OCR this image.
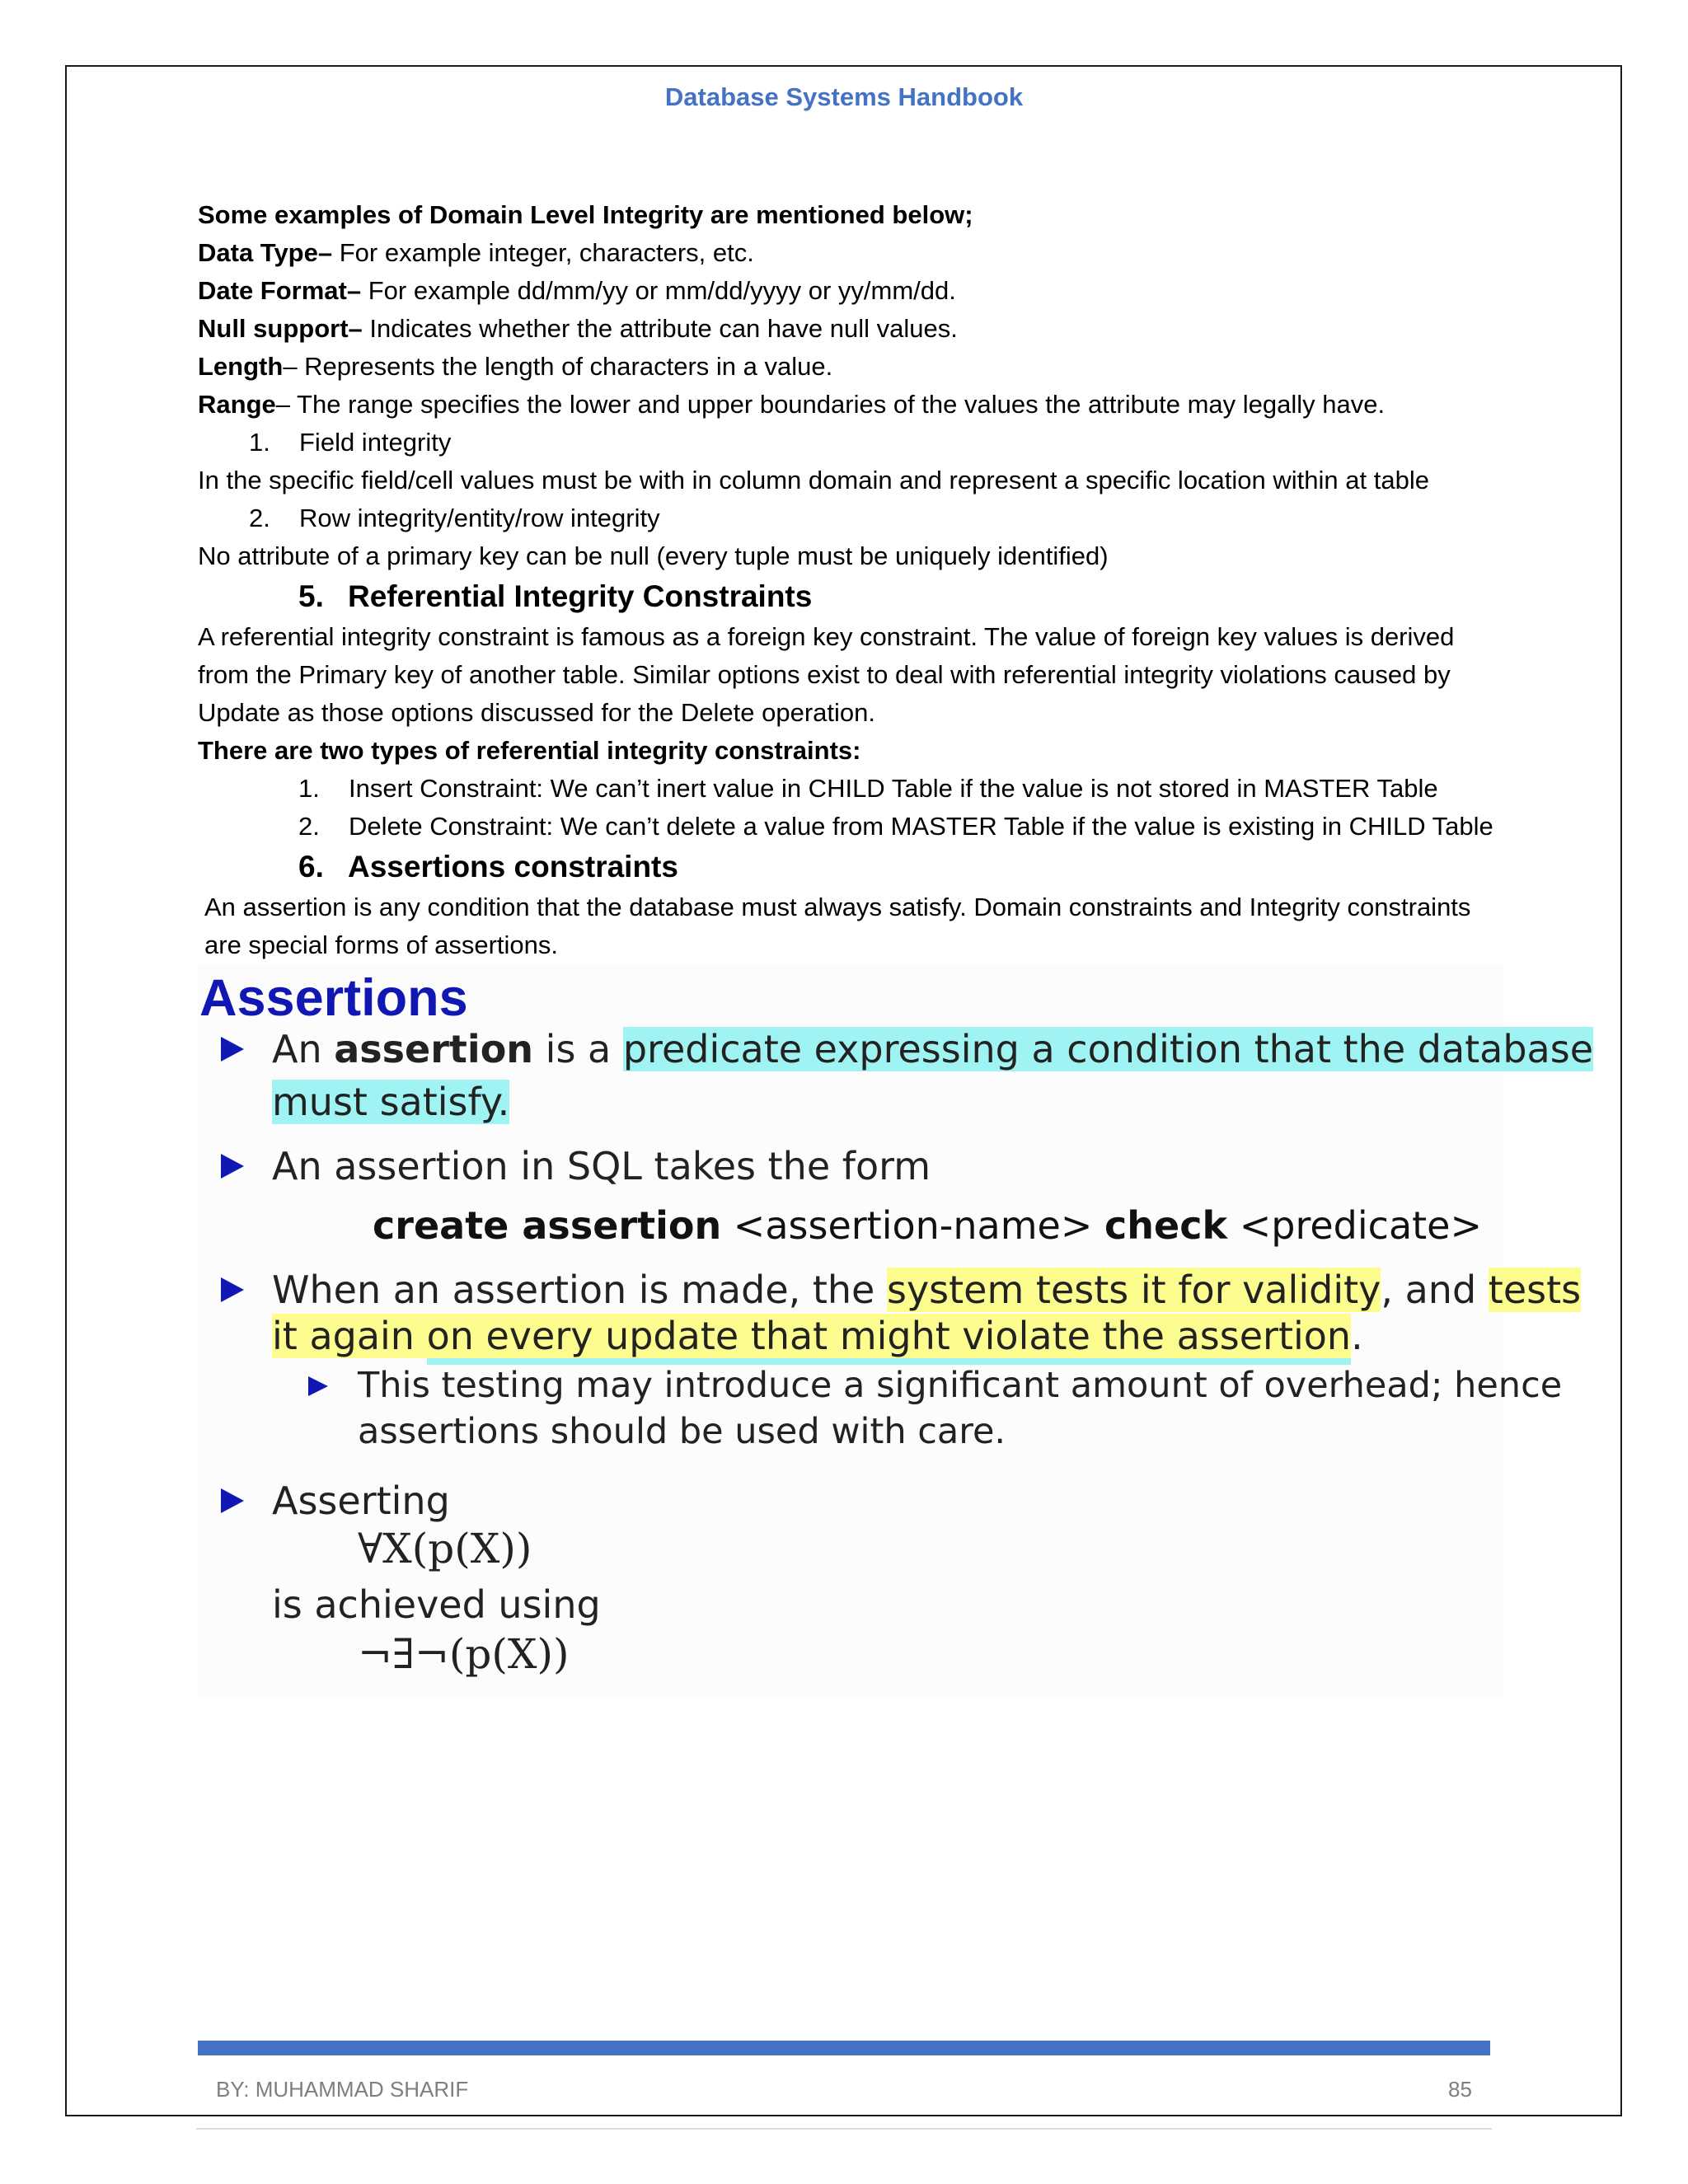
Database Systems Handbook
Some examples of Domain Level Integrity are mentioned below;
Data Type– For example integer, characters, etc.
Date Format– For example dd/mm/yy or mm/dd/yyyy or yy/mm/dd.
Null support– Indicates whether the attribute can have null values.
Length– Represents the length of characters in a value.
Range– The range specifies the lower and upper boundaries of the values the attribute may legally have.
1. Field integrity
In the specific field/cell values must be with in column domain and represent a specific location within at table
2. Row integrity/entity/row integrity
No attribute of a primary key can be null (every tuple must be uniquely identified)
5. Referential Integrity Constraints
A referential integrity constraint is famous as a foreign key constraint. The value of foreign key values is derived from the Primary key of another table. Similar options exist to deal with referential integrity violations caused by Update as those options discussed for the Delete operation.
There are two types of referential integrity constraints:
1. Insert Constraint: We can’t inert value in CHILD Table if the value is not stored in MASTER Table
2. Delete Constraint: We can’t delete a value from MASTER Table if the value is existing in CHILD Table
6. Assertions constraints
An assertion is any condition that the database must always satisfy. Domain constraints and Integrity constraints are special forms of assertions.
Assertions
An assertion is a predicate expressing a condition that the database
must satisfy.
An assertion in SQL takes the form
create assertion <assertion-name> check <predicate>
When an assertion is made, the system tests it for validity, and tests
it again on every update that might violate the assertion.
This testing may introduce a significant amount of overhead; hence
assertions should be used with care.
Asserting
∀X(p(X))
is achieved using
¬∃¬(p(X))
BY: MUHAMMAD SHARIF	85
